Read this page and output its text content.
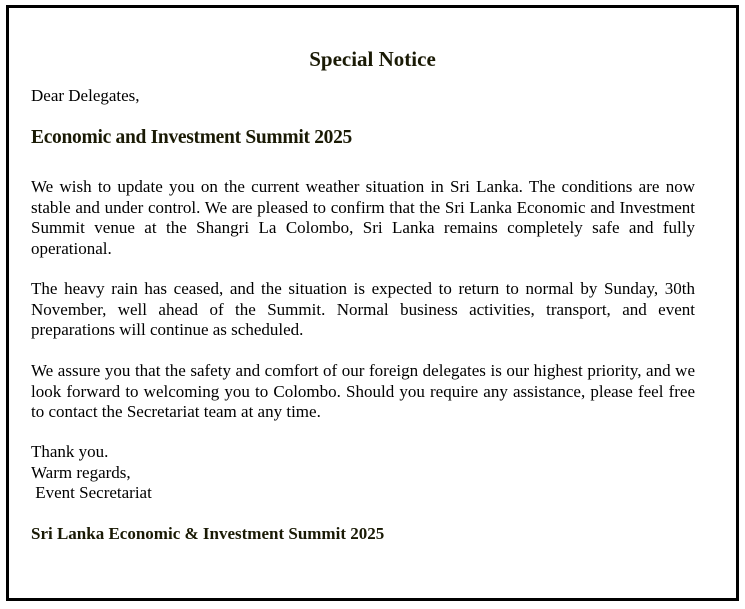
Special Notice
Dear Delegates,
Economic and Investment Summit 2025
We wish to update you on the current weather situation in Sri Lanka. The conditions are now stable and under control. We are pleased to confirm that the Sri Lanka Economic and Investment Summit venue at the Shangri La Colombo, Sri Lanka remains completely safe and fully operational.
The heavy rain has ceased, and the situation is expected to return to normal by Sunday, 30th November, well ahead of the Summit. Normal business activities, transport, and event preparations will continue as scheduled.
We assure you that the safety and comfort of our foreign delegates is our highest priority, and we look forward to welcoming you to Colombo. Should you require any assistance, please feel free to contact the Secretariat team at any time.
Thank you.
Warm regards,
Event Secretariat
Sri Lanka Economic & Investment Summit 2025
